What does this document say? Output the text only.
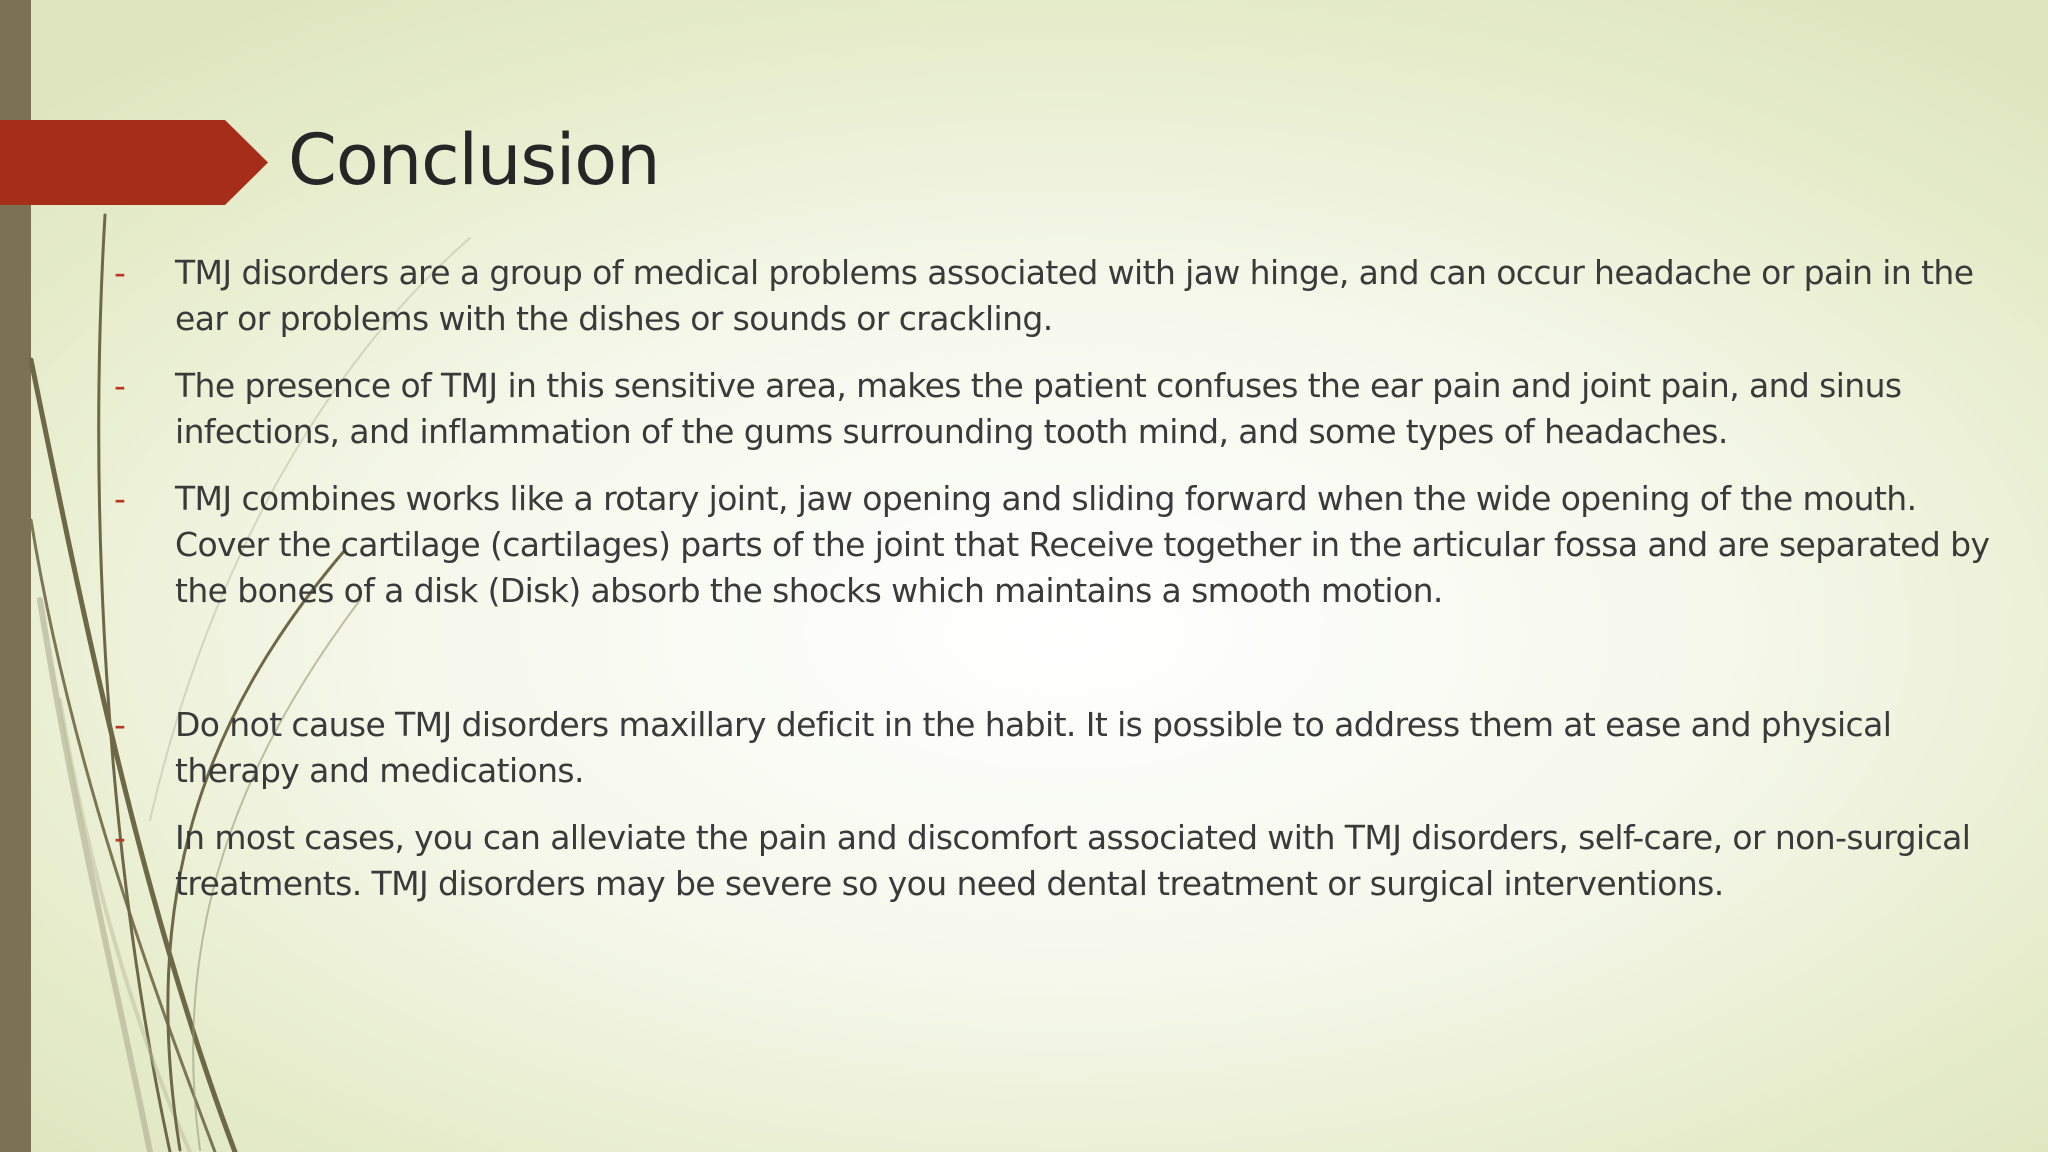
Conclusion
- TMJ disorders are a group of medical problems associated with jaw hinge, and can occur headache or pain in the ear or problems with the dishes or sounds or crackling.
- The presence of TMJ in this sensitive area, makes the patient confuses the ear pain and joint pain, and sinus infections, and inflammation of the gums surrounding tooth mind, and some types of headaches.
- TMJ combines works like a rotary joint, jaw opening and sliding forward when the wide opening of the mouth. Cover the cartilage (cartilages) parts of the joint that Receive together in the articular fossa and are separated by the bones of a disk (Disk) absorb the shocks which maintains a smooth motion.
- Do not cause TMJ disorders maxillary deficit in the habit. It is possible to address them at ease and physical therapy and medications.
- In most cases, you can alleviate the pain and discomfort associated with TMJ disorders, self-care, or non-surgical treatments. TMJ disorders may be severe so you need dental treatment or surgical interventions.
